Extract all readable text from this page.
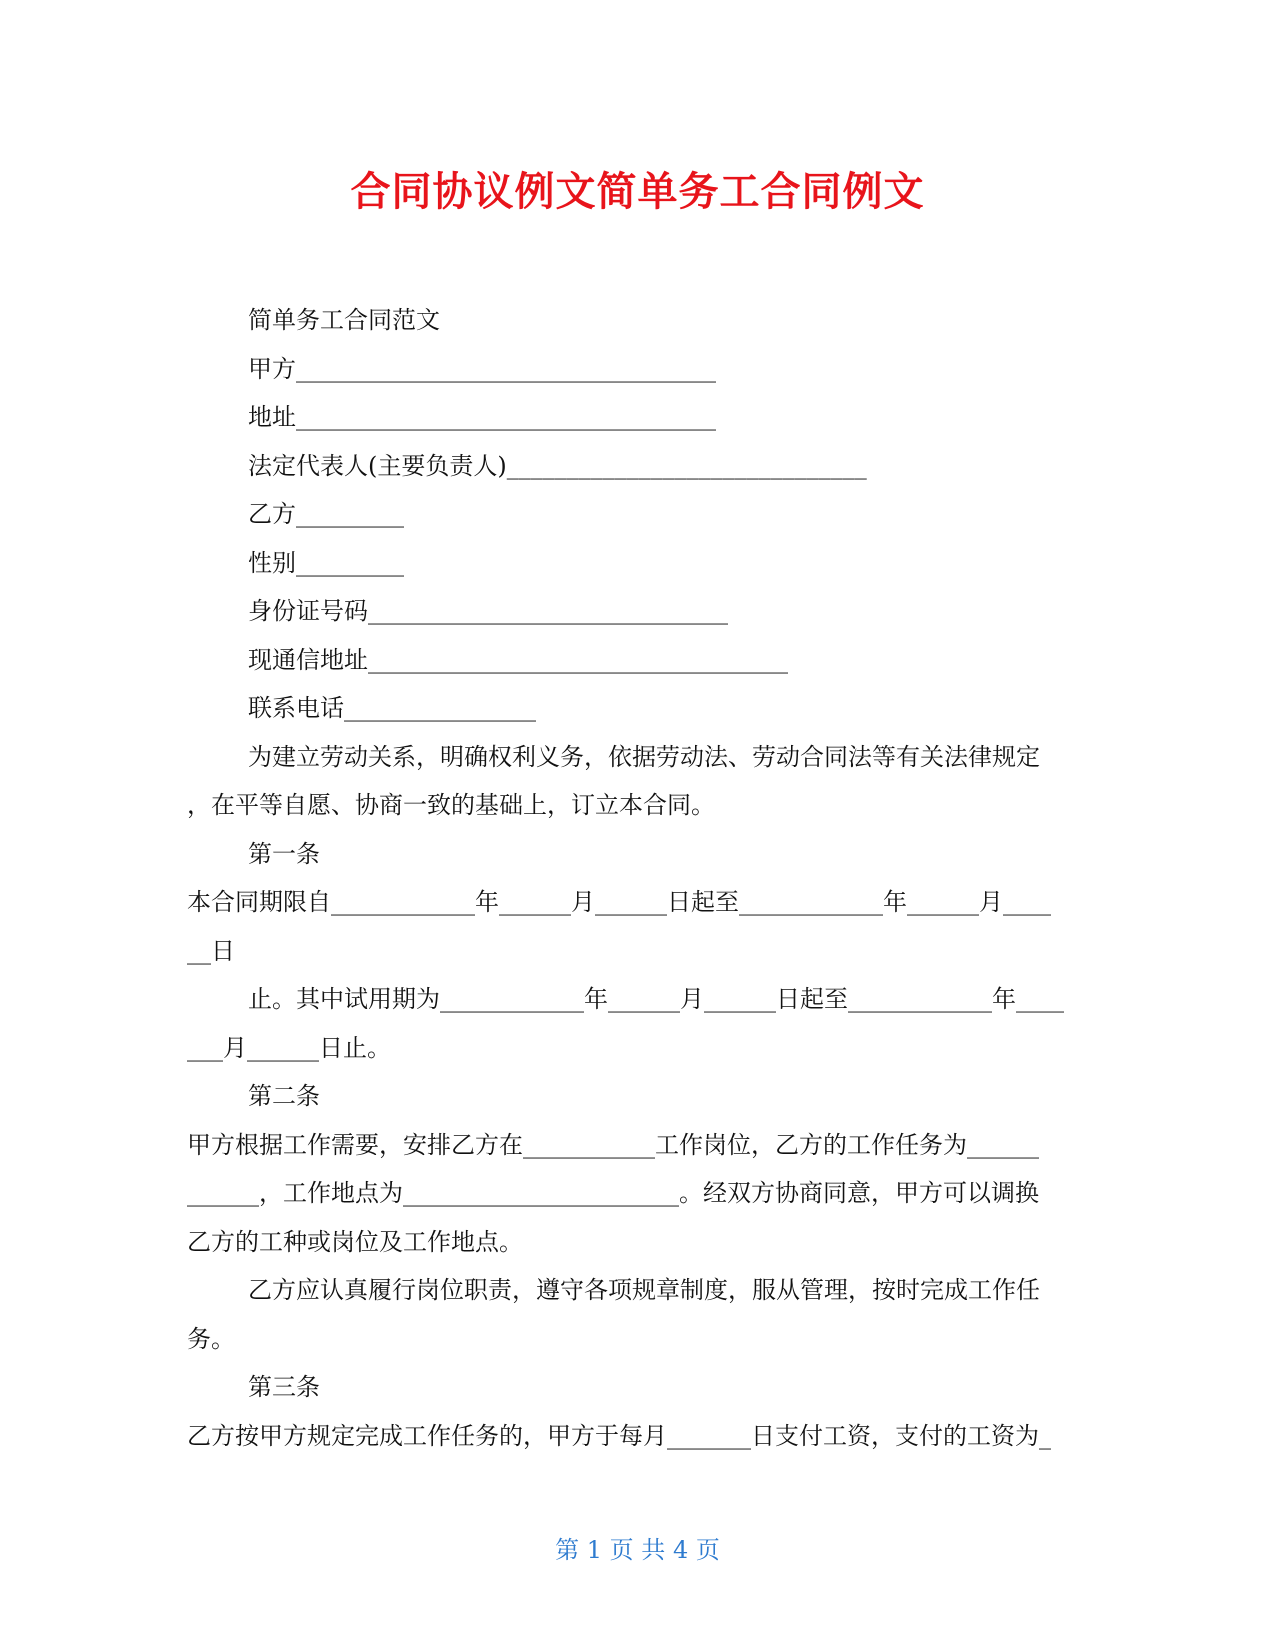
合同协议例文简单务工合同例文
简单务工合同范文
甲方___________________________________
地址___________________________________
法定代表人(主要负责人)______________________________
乙方_________
性别_________
身份证号码______________________________
现通信地址___________________________________
联系电话________________
为建立劳动关系，明确权利义务，依据劳动法、劳动合同法等有关法律规定
，在平等自愿、协商一致的基础上，订立本合同。
第一条
本合同期限自____________年______月______日起至____________年______月____
__日
止。其中试用期为____________年______月______日起至____________年____
___月______日止。
第二条
甲方根据工作需要，安排乙方在___________工作岗位，乙方的工作任务为______
______，工作地点为_______________________。经双方协商同意，甲方可以调换
乙方的工种或岗位及工作地点。
乙方应认真履行岗位职责，遵守各项规章制度，服从管理，按时完成工作任
务。
第三条
乙方按甲方规定完成工作任务的，甲方于每月_______日支付工资，支付的工资为_
第 1 页 共 4 页
